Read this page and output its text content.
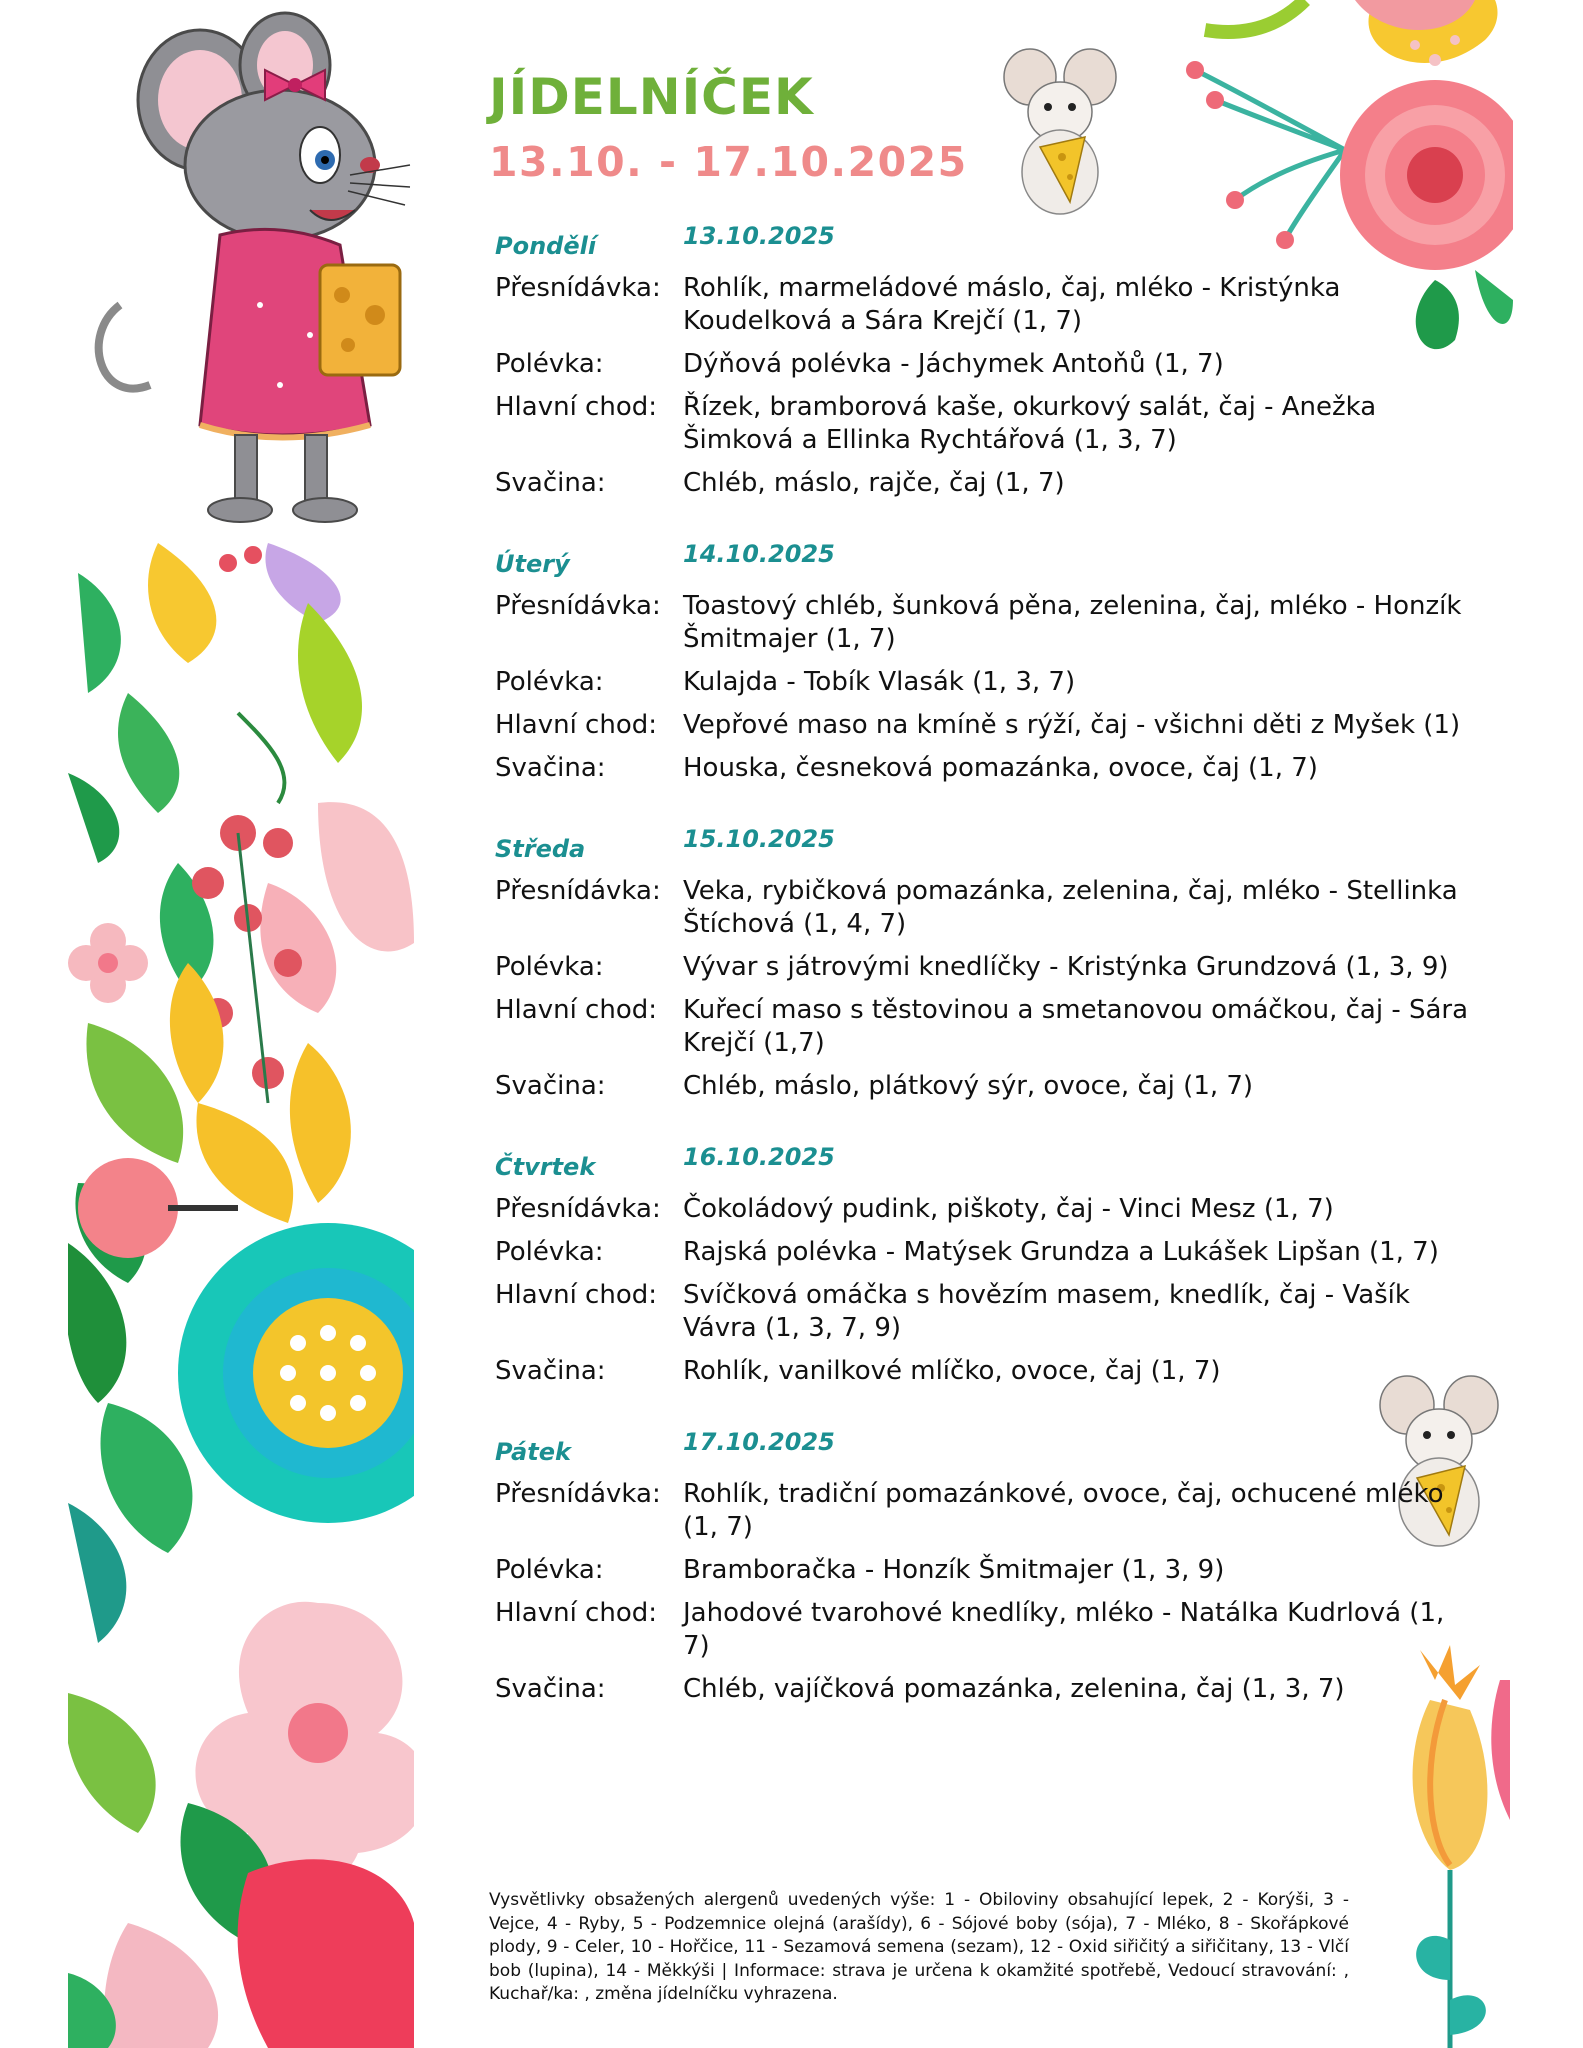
JÍDELNÍČEK
13.10. - 17.10.2025
Pondělí	13.10.2025
Přesnídávka: Rohlík, marmeládové máslo, čaj, mléko - Kristýnka Koudelková a Sára Krejčí (1, 7)
Polévka:	Dýňová polévka - Jáchymek Antoňů (1, 7)
Hlavní chod: Řízek, bramborová kaše, okurkový salát, čaj - Anežka Šimková a Ellinka Rychtářová (1, 3, 7)
Svačina:	Chléb, máslo, rajče, čaj (1, 7)
Úterý	14.10.2025
Přesnídávka: Toastový chléb, šunková pěna, zelenina, čaj, mléko - Honzík Šmitmajer (1, 7)
Polévka:	Kulajda - Tobík Vlasák (1, 3, 7)
Hlavní chod: Vepřové maso na kmíně s rýží, čaj - všichni děti z Myšek (1)
Svačina:	Houska, česneková pomazánka, ovoce, čaj (1, 7)
Středa	15.10.2025
Přesnídávka: Veka, rybičková pomazánka, zelenina, čaj, mléko - Stellinka Štíchová (1, 4, 7)
Polévka:	Vývar s játrovými knedlíčky - Kristýnka Grundzová (1, 3, 9)
Hlavní chod: Kuřecí maso s těstovinou a smetanovou omáčkou, čaj - Sára Krejčí (1,7)
Svačina:	Chléb, máslo, plátkový sýr, ovoce, čaj (1, 7)
Čtvrtek	16.10.2025
Přesnídávka: Čokoládový pudink, piškoty, čaj - Vinci Mesz (1, 7)
Polévka:	Rajská polévka - Matýsek Grundza a Lukášek Lipšan (1, 7)
Hlavní chod: Svíčková omáčka s hovězím masem, knedlík, čaj - Vašík Vávra (1, 3, 7, 9)
Svačina:	Rohlík, vanilkové mlíčko, ovoce, čaj (1, 7)
Pátek	17.10.2025
Přesnídávka: Rohlík, tradiční pomazánkové, ovoce, čaj, ochucené mléko (1, 7)
Polévka:	Bramboračka - Honzík Šmitmajer (1, 3, 9)
Hlavní chod: Jahodové tvarohové knedlíky, mléko - Natálka Kudrlová (1, 7)
Svačina:	Chléb, vajíčková pomazánka, zelenina, čaj (1, 3, 7)

Vysvětlivky obsažených alergenů uvedených výše: 1 - Obiloviny obsahující lepek, 2 - Korýši, 3 - Vejce, 4 - Ryby, 5 - Podzemnice olejná (arašídy), 6 - Sójové boby (sója), 7 - Mléko, 8 - Skořápkové plody, 9 - Celer, 10 - Hořčice, 11 - Sezamová semena (sezam), 12 - Oxid siřičitý a siřičitany, 13 - Vlčí bob (lupina), 14 - Měkkýši | Informace: strava je určena k okamžité spotřebě, Vedoucí stravování: , Kuchař/ka: , změna jídelníčku vyhrazena.
